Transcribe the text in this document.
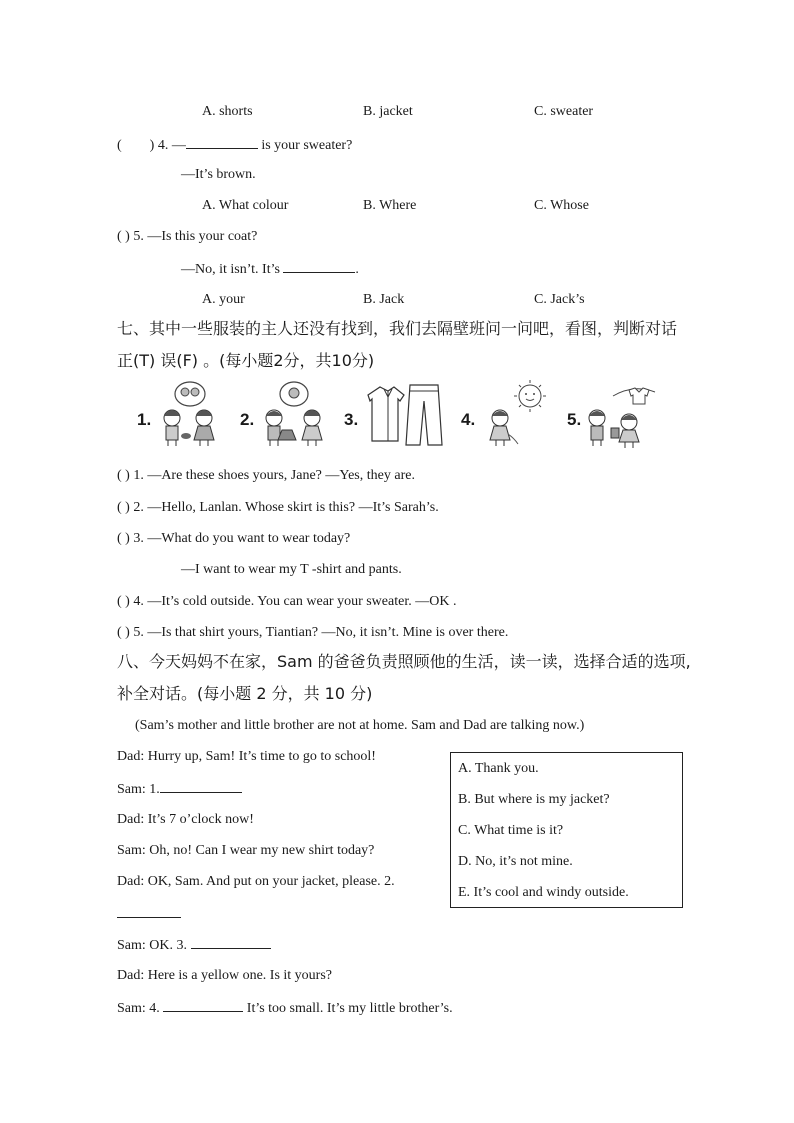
A. shorts	B. jacket	C. sweater
(        ) 4. —	is your sweater?
—It’s brown.
A. What colour	B. Where	C. Whose
( ) 5. —Is this your coat?
—No, it isn’t. It’s	.
A. your	B. Jack	C. Jack’s
七、其中一些服装的主人还没有找到，我们去隔壁班问一问吧，看图，判断对话
正(T) 误(F) 。(每小题2分，共10分)
1.	2.	3.	4.	5.
( ) 1. —Are these shoes yours, Jane? —Yes, they are.
( ) 2. —Hello, Lanlan. Whose skirt is this? —It’s Sarah’s.
( ) 3. —What do you want to wear today?
—I want to wear my T -shirt and pants.
( ) 4. —It’s cold outside. You can wear your sweater. —OK .
( ) 5. —Is that shirt yours, Tiantian? —No, it isn’t. Mine is over there.
八、今天妈妈不在家，Sam 的爸爸负责照顾他的生活，读一读，选择合适的选项,
补全对话。(每小题 2 分，共 10 分)
(Sam’s mother and little brother are not at home. Sam and Dad are talking now.)
Dad: Hurry up, Sam! It’s time to go to school!
Sam: 1.
Dad: It’s 7 o’clock now!
Sam: Oh, no! Can I wear my new shirt today?
Dad: OK, Sam. And put on your jacket, please. 2.
Sam: OK. 3.
Dad: Here is a yellow one. Is it yours?
Sam: 4.	It’s too small. It’s my little brother’s.
A. Thank you.
B. But where is my jacket?
C. What time is it?
D. No, it’s not mine.
E. It’s cool and windy outside.
